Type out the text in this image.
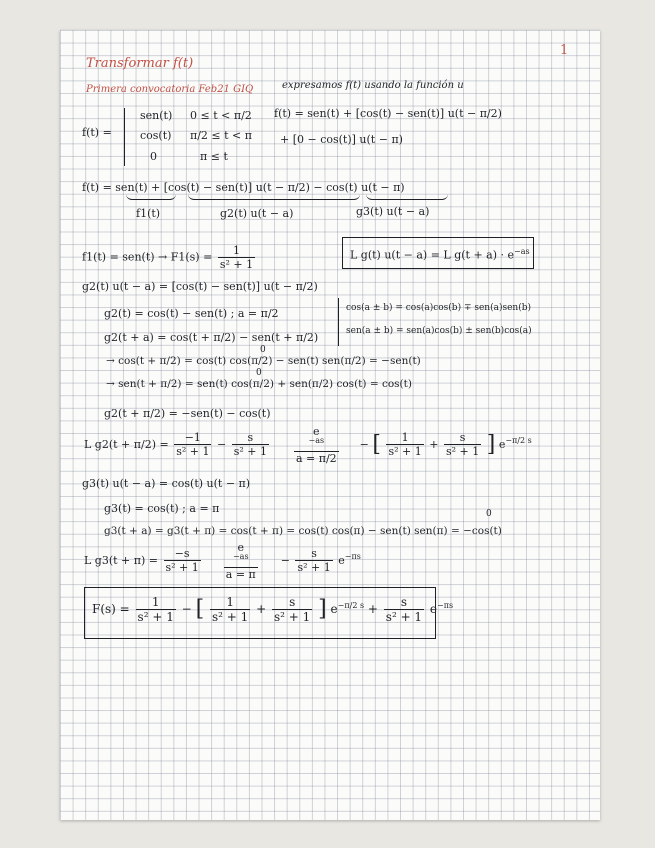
1
Transformar f(t)
Primera convocatoria Feb21 GIQ	expresamos f(t) usando la función u
f(t) =
sen(t) 0 ≤ t < π/2
cos(t) π/2 ≤ t < π
0	π ≤ t
f(t) = sen(t) + [cos(t) − sen(t)] u(t − π/2)
+ [0 − cos(t)] u(t − π)
f(t) = sen(t) + [cos(t) − sen(t)] u(t − π/2) − cos(t) u(t − π)
f1(t)	g2(t) u(t − a)	g3(t) u(t − a)
$f1(t) = sen(t) \to F1(s) = \frac{1}{\text{s² + 1}}$	L g(t) u(t − a) = L $g(t + a) \cdot e^{-as}$
g2(t) u(t − a) = [cos(t) − sen(t)] u(t − π/2)
g2(t) = cos(t) − sen(t) ; a = π/2
g2(t + a) = cos(t + π/2) − sen(t + π/2)
cos(a ± b) = cos(a)cos(b) ∓ sen(a)sen(b)
sen(a ± b) = sen(a)cos(b) ± sen(b)cos(a)
0
→ cos(t + π/2) = cos(t) cos(π/2) − sen(t) sen(π/2) = −sen(t)
0
→ sen(t + π/2) = sen(t) cos(π/2) + sen(π/2) cos(t) = cos(t)
g2(t + π/2) = −sen(t) − cos(t)
L $g2(t + \pi/2) = \frac{-1}{\text{s² + 1}} - \frac{s}{\text{s² + 1}}$
e
$^{-as}$
a = π/2 − [ $\frac{1}{\text{s² + 1}} + \frac{s}{\text{s² + 1}}$ ] $e^{-\pi/2 s}$
g3(t) u(t − a) = cos(t) u(t − π)
g3(t) = cos(t) ; a = π	0
g3(t + a) = g3(t + π) = cos(t + π) = cos(t) cos(π) − sen(t) sen(π) = −cos(t)
L $g3(t + \pi) = \frac{-s}{\text{s² + 1}}$
e
$^{-as}$
$a = \pi - \frac{s}{\text{s² + 1}} e^{-\pi s}$
$F(s) = \frac{1}{\text{s² + 1}}$ − [ $\frac{1}{\text{s² + 1}} + \frac{s}{\text{s² + 1}}$ ] $e^{-\pi/2 s} + \frac{s}{\text{s² + 1}} e^{-\pi s}$
